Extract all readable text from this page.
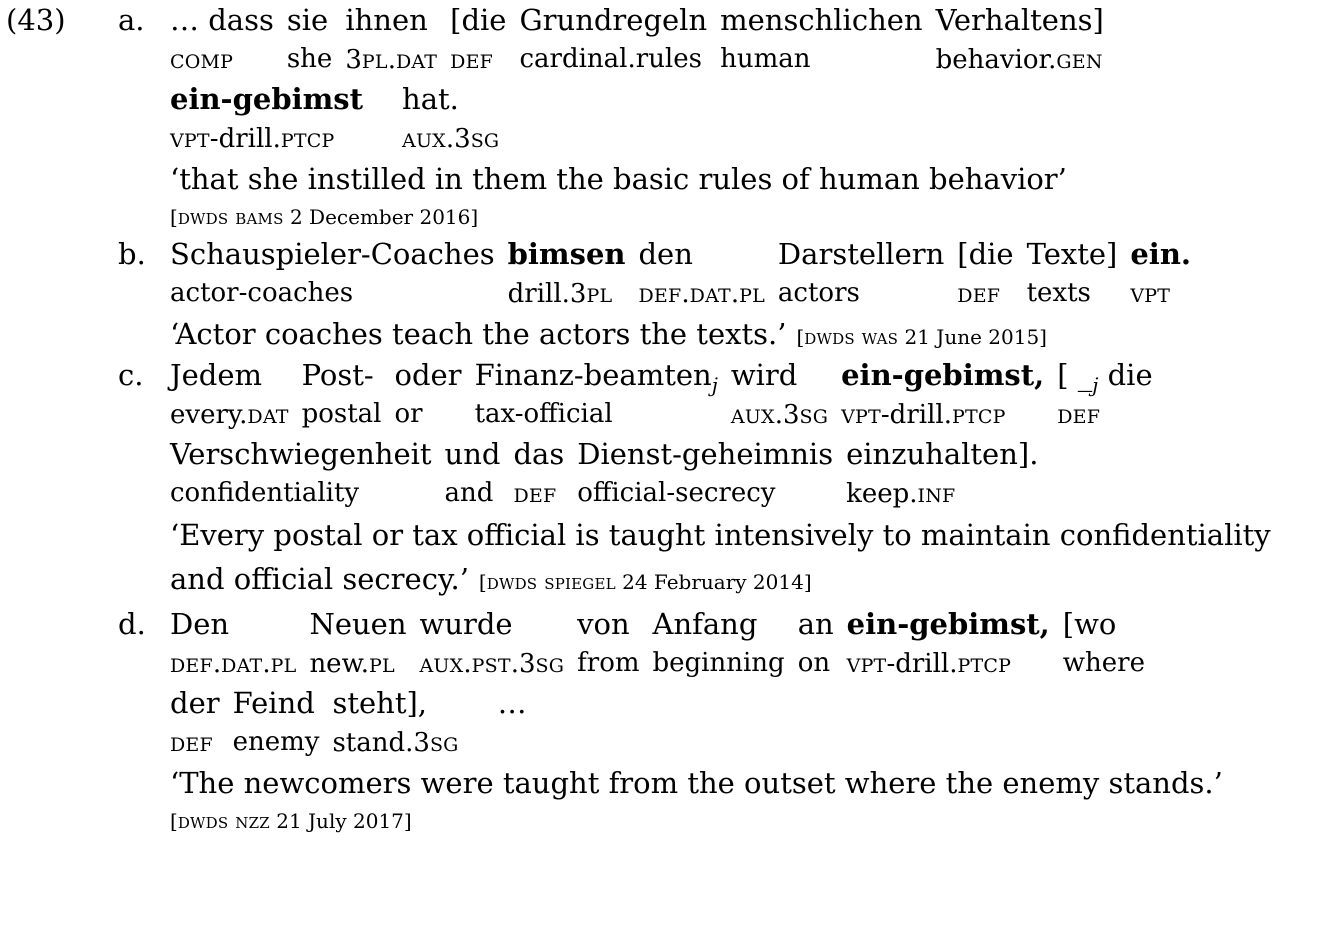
(43)	a. … dass
comp
sie
she
ihnen
3pl.dat
[die
def
Grundregeln
cardinal.rules
menschlichen
human
Verhaltens]
behavior.gen
ein-gebimst
vpt-drill.ptcp
hat.
aux.3sg
‘that she instilled in them the basic rules of human behavior’
[dwds bams 2 December 2016]
b. Schauspieler-Coaches
actor-coaches
bimsen
drill.3pl
den
def.dat.pl
Darstellern
actors
[die
def
Texte]
texts
ein.
vpt
‘Actor coaches teach the actors the texts.’ [dwds was 21 June 2015]
c. Jedem
every.dat
Post-
postal
oder
or
Finanz-beamten$_j$
tax-official
wird
aux.3sg
ein-gebimst,
vpt-drill.ptcp
[ $\__j$ die
def
Verschwiegenheit
confidentiality
und
and
das
def
Dienst-geheimnis
official-secrecy
einzuhalten].
keep.inf
‘Every postal or tax official is taught intensively to maintain confidentiality
and official secrecy.’ [dwds spiegel 24 February 2014]
d. Den
def.dat.pl
Neuen
new.pl
wurde
aux.pst.3sg
von
from
Anfang
beginning
an
on
ein-gebimst,
vpt-drill.ptcp
[wo
where
der
def
Feind
enemy
steht],
stand.3sg
…

‘The newcomers were taught from the outset where the enemy stands.’
[dwds nzz 21 July 2017]
